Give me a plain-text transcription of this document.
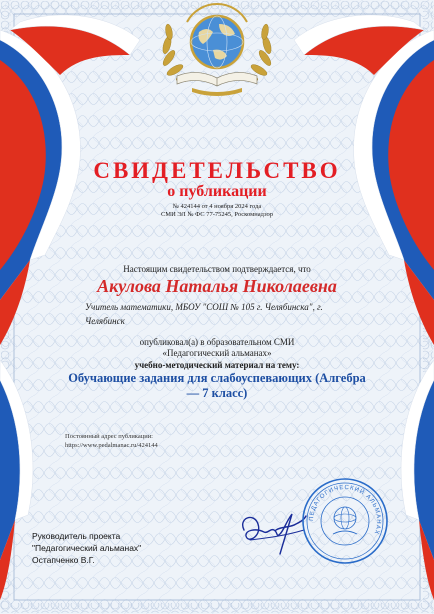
СВИДЕТЕЛЬСТВО
о публикации
№ 424144 от 4 ноября 2024 года
СМИ ЭЛ № ФС 77-75245, Роскомнадзор
Настоящим свидетельством подтверждается, что
Акулова Наталья Николаевна
Учитель математики, МБОУ "СОШ № 105 г. Челябинска", г.
Челябинск
опубликовал(а) в образовательном СМИ
«Педагогический альманах»
учебно-методический материал на тему:
Обучающие задания для слабоуспевающих (Алгебра
— 7 класс)
Постоянный адрес публикации:
https://www.pedalmanac.ru/424144
ПЕДАГОГИЧЕСКИЙ АЛЬМАНАХ
Руководитель проекта
"Педагогический альманах"
Остапченко В.Г.
